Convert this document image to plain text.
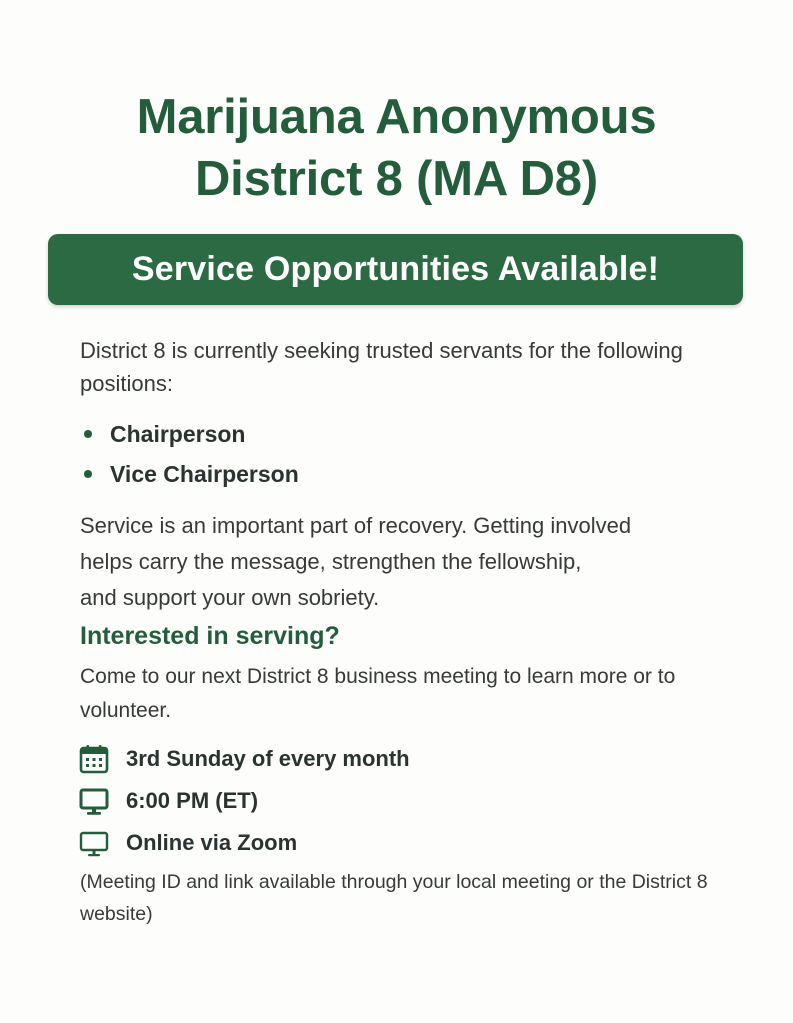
Marijuana Anonymous
District 8 (MA D8)
Service Opportunities Available!

District 8 is currently seeking trusted servants for the following positions:

Chairperson
Vice Chairperson

Service is an important part of recovery. Getting involved
helps carry the message, strengthen the fellowship,
and support your own sobriety.

Interested in serving?

Come to our next District 8 business meeting to learn more or to volunteer.

3rd Sunday of every month
6:00 PM (ET)
Online via Zoom

(Meeting ID and link available through your local meeting or the District 8 website)
